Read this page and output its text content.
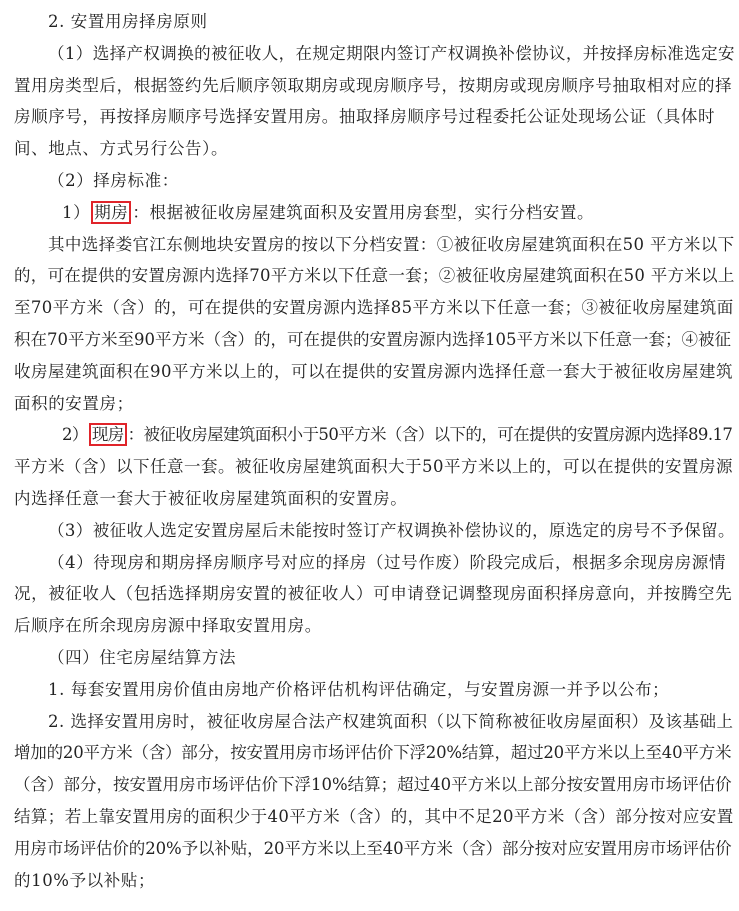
2. 安置用房择房原则
（1）选择产权调换的被征收人，在规定期限内签订产权调换补偿协议，并按择房标准选定安
置用房类型后，根据签约先后顺序领取期房或现房顺序号，按期房或现房顺序号抽取相对应的择
房顺序号，再按择房顺序号选择安置用房。抽取择房顺序号过程委托公证处现场公证（具体时
间、地点、方式另行公告）。
（2）择房标准：
1） 期房 ：根据被征收房屋建筑面积及安置用房套型，实行分档安置。
其中选择娄官江东侧地块安置房的按以下分档安置：①被征收房屋建筑面积在50 平方米以下
的，可在提供的安置房源内选择70平方米以下任意一套；②被征收房屋建筑面积在50 平方米以上
至70平方米（含）的，可在提供的安置房源内选择85平方米以下任意一套；③被征收房屋建筑面
积在70平方米至90平方米（含）的，可在提供的安置房源内选择105平方米以下任意一套；④被征
收房屋建筑面积在90平方米以上的，可以在提供的安置房源内选择任意一套大于被征收房屋建筑
面积的安置房；
2） 现房 ：被征收房屋建筑面积小于50平方米（含）以下的，可在提供的安置房源内选择89.17
平方米（含）以下任意一套。被征收房屋建筑面积大于50平方米以上的，可以在提供的安置房源
内选择任意一套大于被征收房屋建筑面积的安置房。
（3）被征收人选定安置房屋后未能按时签订产权调换补偿协议的，原选定的房号不予保留。
（4）待现房和期房择房顺序号对应的择房（过号作废）阶段完成后，根据多余现房房源情
况，被征收人（包括选择期房安置的被征收人）可申请登记调整现房面积择房意向，并按腾空先
后顺序在所余现房房源中择取安置用房。
（四）住宅房屋结算方法
1. 每套安置用房价值由房地产价格评估机构评估确定，与安置房源一并予以公布；
2. 选择安置用房时，被征收房屋合法产权建筑面积（以下简称被征收房屋面积）及该基础上
增加的20平方米（含）部分，按安置用房市场评估价下浮20%结算，超过20平方米以上至40平方米
（含）部分，按安置用房市场评估价下浮10%结算；超过40平方米以上部分按安置用房市场评估价
结算；若上靠安置用房的面积少于40平方米（含）的，其中不足20平方米（含）部分按对应安置
用房市场评估价的20%予以补贴，20平方米以上至40平方米（含）部分按对应安置用房市场评估价
的10%予以补贴；
